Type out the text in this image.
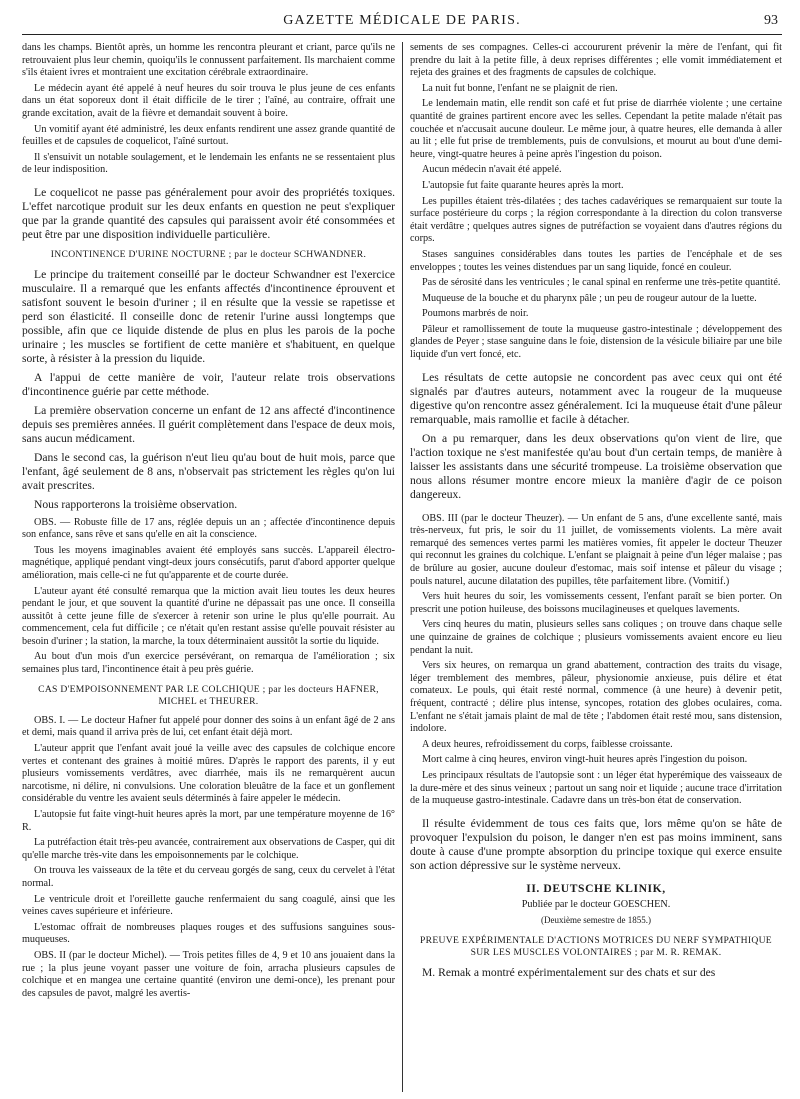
GAZETTE MÉDICALE DE PARIS.	93

dans les champs. Bientôt après, un homme les rencontra pleurant et criant, parce qu'ils ne retrouvaient plus leur chemin, quoiqu'ils le connussent parfaitement. Ils marchaient comme s'ils étaient ivres et montraient une excitation cérébrale extraordinaire.

Le médecin ayant été appelé à neuf heures du soir trouva le plus jeune de ces enfants dans un état soporeux dont il était difficile de le tirer ; l'aîné, au contraire, offrait une grande excitation, avait de la fièvre et demandait souvent à boire.

Un vomitif ayant été administré, les deux enfants rendirent une assez grande quantité de feuilles et de capsules de coquelicot, l'aîné surtout.

Il s'ensuivit un notable soulagement, et le lendemain les enfants ne se ressentaient plus de leur indisposition.

Le coquelicot ne passe pas généralement pour avoir des propriétés toxiques. L'effet narcotique produit sur les deux enfants en question ne peut s'expliquer que par la grande quantité des capsules qui paraissent avoir été consommées et peut être par une disposition individuelle particulière.

INCONTINENCE D'URINE NOCTURNE ; par le docteur SCHWANDNER.

Le principe du traitement conseillé par le docteur Schwandner est l'exercice musculaire. Il a remarqué que les enfants affectés d'incontinence éprouvent et satisfont souvent le besoin d'uriner ; il en résulte que la vessie se rapetisse et perd son élasticité. Il conseille donc de retenir l'urine aussi longtemps que possible, afin que ce liquide distende de plus en plus les parois de la poche urinaire ; les muscles se fortifient de cette manière et s'habituent, en quelque sorte, à résister à la pression du liquide.

A l'appui de cette manière de voir, l'auteur relate trois observations d'incontinence guérie par cette méthode.

La première observation concerne un enfant de 12 ans affecté d'incontinence depuis ses premières années. Il guérit complètement dans l'espace de deux mois, sans aucun médicament.

Dans le second cas, la guérison n'eut lieu qu'au bout de huit mois, parce que l'enfant, âgé seulement de 8 ans, n'observait pas strictement les règles qu'on lui avait prescrites.

Nous rapporterons la troisième observation.

OBS. — Robuste fille de 17 ans, réglée depuis un an ; affectée d'incontinence depuis son enfance, sans rêve et sans qu'elle en ait la conscience.

Tous les moyens imaginables avaient été employés sans succès. L'appareil électro-magnétique, appliqué pendant vingt-deux jours consécutifs, parut d'abord apporter quelque amélioration, mais celle-ci ne fut qu'apparente et de courte durée.

L'auteur ayant été consulté remarqua que la miction avait lieu toutes les deux heures pendant le jour, et que souvent la quantité d'urine ne dépassait pas une once. Il conseilla aussitôt à cette jeune fille de s'exercer à retenir son urine le plus qu'elle pourrait. Au commencement, cela fut difficile ; ce n'était qu'en restant assise qu'elle pouvait résister au besoin d'uriner ; la station, la marche, la toux déterminaient aussitôt la sortie du liquide.

Au bout d'un mois d'un exercice persévérant, on remarqua de l'amélioration ; six semaines plus tard, l'incontinence était à peu près guérie.

CAS D'EMPOISONNEMENT PAR LE COLCHIQUE ; par les docteurs HAFNER,
MICHEL et THEURER.

OBS. I. — Le docteur Hafner fut appelé pour donner des soins à un enfant âgé de 2 ans et demi, mais quand il arriva près de lui, cet enfant était déjà mort.

L'auteur apprit que l'enfant avait joué la veille avec des capsules de colchique encore vertes et contenant des graines à moitié mûres. D'après le rapport des parents, il y eut plusieurs vomissements verdâtres, avec diarrhée, mais ils ne remarquèrent aucun narcotisme, ni délire, ni convulsions. Une coloration bleuâtre de la face et un gonflement considérable du ventre les avaient seuls déterminés à faire appeler le médecin.

L'autopsie fut faite vingt-huit heures après la mort, par une température moyenne de 16° R.

La putréfaction était très-peu avancée, contrairement aux observations de Casper, qui dit qu'elle marche très-vite dans les empoisonnements par le colchique.

On trouva les vaisseaux de la tête et du cerveau gorgés de sang, ceux du cervelet à l'état normal.

Le ventricule droit et l'oreillette gauche renfermaient du sang coagulé, ainsi que les veines caves supérieure et inférieure.

L'estomac offrait de nombreuses plaques rouges et des suffusions sanguines sous-muqueuses.

OBS. II (par le docteur Michel). — Trois petites filles de 4, 9 et 10 ans jouaient dans la rue ; la plus jeune voyant passer une voiture de foin, arracha plusieurs capsules de colchique et en mangea une certaine quantité (environ une demi-once), les prenant pour des capsules de pavot, malgré les avertis-

sements de ses compagnes. Celles-ci accoururent prévenir la mère de l'enfant, qui fit prendre du lait à la petite fille, à deux reprises différentes ; elle vomit immédiatement et rejeta des graines et des fragments de capsules de colchique.

La nuit fut bonne, l'enfant ne se plaignit de rien.

Le lendemain matin, elle rendit son café et fut prise de diarrhée violente ; une certaine quantité de graines partirent encore avec les selles. Cependant la petite malade n'était pas couchée et n'accusait aucune douleur. Le même jour, à quatre heures, elle demanda à aller au lit ; elle fut prise de tremblements, puis de convulsions, et mourut au bout d'une demi-heure, vingt-quatre heures à peine après l'ingestion du poison.

Aucun médecin n'avait été appelé.

L'autopsie fut faite quarante heures après la mort.

Les pupilles étaient très-dilatées ; des taches cadavériques se remarquaient sur toute la surface postérieure du corps ; la région correspondante à la direction du colon transverse était verdâtre ; quelques autres signes de putréfaction se voyaient dans d'autres régions du corps.

Stases sanguines considérables dans toutes les parties de l'encéphale et de ses enveloppes ; toutes les veines distendues par un sang liquide, foncé en couleur.

Pas de sérosité dans les ventricules ; le canal spinal en renferme une très-petite quantité.

Muqueuse de la bouche et du pharynx pâle ; un peu de rougeur autour de la luette.

Poumons marbrés de noir.

Pâleur et ramollissement de toute la muqueuse gastro-intestinale ; développement des glandes de Peyer ; stase sanguine dans le foie, distension de la vésicule biliaire par une bile liquide d'un vert foncé, etc.

Les résultats de cette autopsie ne concordent pas avec ceux qui ont été signalés par d'autres auteurs, notamment avec la rougeur de la muqueuse digestive qu'on rencontre assez généralement. Ici la muqueuse était d'une pâleur remarquable, mais ramollie et facile à détacher.

On a pu remarquer, dans les deux observations qu'on vient de lire, que l'action toxique ne s'est manifestée qu'au bout d'un certain temps, de manière à laisser les assistants dans une sécurité trompeuse. La troisième observation que nous allons résumer montre encore mieux la manière d'agir de ce poison dangereux.

OBS. III (par le docteur Theuzer). — Un enfant de 5 ans, d'une excellente santé, mais très-nerveux, fut pris, le soir du 11 juillet, de vomissements violents. La mère avait remarqué des semences vertes parmi les matières vomies, fit appeler le docteur Theuzer qui reconnut les graines du colchique. L'enfant se plaignait à peine d'un léger malaise ; pas de brûlure au gosier, aucune douleur d'estomac, mais soif intense et pâleur du visage ; pouls naturel, aucune dilatation des pupilles, tête parfaitement libre. (Vomitif.)

Vers huit heures du soir, les vomissements cessent, l'enfant paraît se bien porter. On prescrit une potion huileuse, des boissons mucilagineuses et quelques lavements.

Vers cinq heures du matin, plusieurs selles sans coliques ; on trouve dans chaque selle une quinzaine de graines de colchique ; plusieurs vomissements avaient encore eu lieu pendant la nuit.

Vers six heures, on remarqua un grand abattement, contraction des traits du visage, léger tremblement des membres, pâleur, physionomie anxieuse, puis délire et état comateux. Le pouls, qui était resté normal, commence (à une heure) à devenir petit, fréquent, contracté ; délire plus intense, syncopes, rotation des globes oculaires, coma. L'enfant ne s'était jamais plaint de mal de tête ; l'abdomen était resté mou, sans distension, indolore.

A deux heures, refroidissement du corps, faiblesse croissante.

Mort calme à cinq heures, environ vingt-huit heures après l'ingestion du poison.

Les principaux résultats de l'autopsie sont : un léger état hyperémique des vaisseaux de la dure-mère et des sinus veineux ; partout un sang noir et liquide ; aucune trace d'irritation de la muqueuse gastro-intestinale. Cadavre dans un très-bon état de conservation.

Il résulte évidemment de tous ces faits que, lors même qu'on se hâte de provoquer l'expulsion du poison, le danger n'en est pas moins imminent, sans doute à cause d'une prompte absorption du principe toxique qui exerce ensuite son action dépressive sur le système nerveux.

II. DEUTSCHE KLINIK,

Publiée par le docteur GOESCHEN.

(Deuxième semestre de 1855.)
PREUVE EXPÉRIMENTALE D'ACTIONS MOTRICES DU NERF SYMPATHIQUE
SUR LES MUSCLES VOLONTAIRES ; par M. R. REMAK.

M. Remak a montré expérimentalement sur des chats et sur des
